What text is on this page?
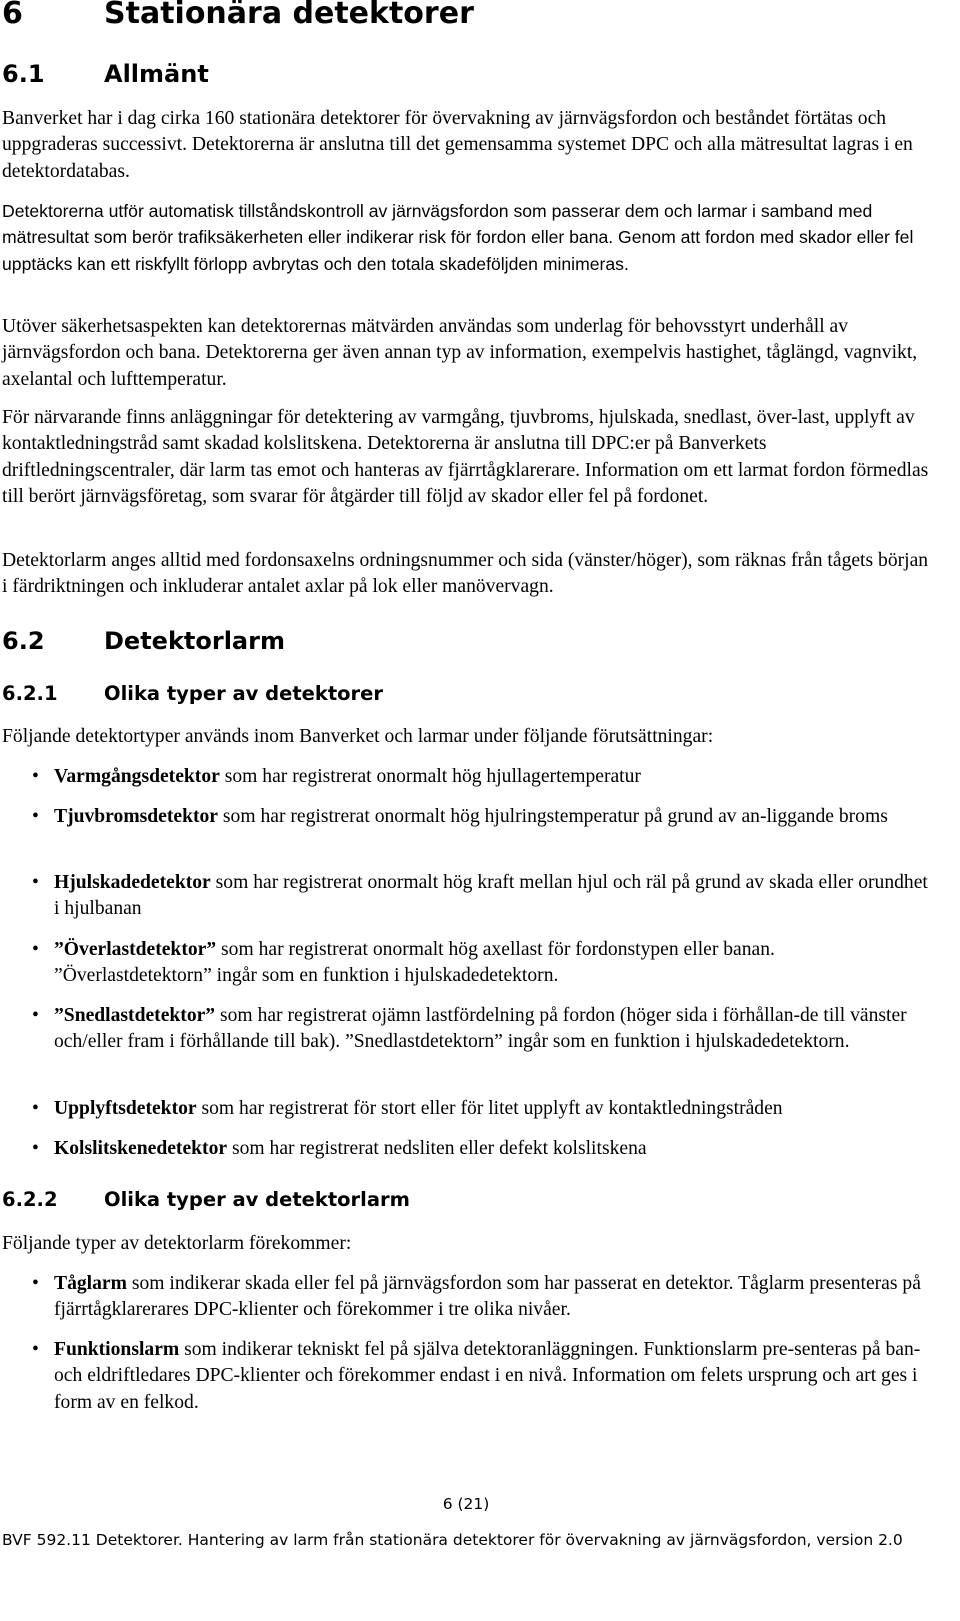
6	Stationära detektorer
6.1 Allmänt

Banverket har i dag cirka 160 stationära detektorer för övervakning av järnvägsfordon och beståndet förtätas och uppgraderas successivt. Detektorerna är anslutna till det gemensamma systemet DPC och alla mätresultat lagras i en detektordatabas.

Detektorerna utför automatisk tillståndskontroll av järnvägsfordon som passerar dem och larmar i samband med mätresultat som berör trafiksäkerheten eller indikerar risk för fordon eller bana. Genom att fordon med skador eller fel upptäcks kan ett riskfyllt förlopp avbrytas och den totala skadeföljden minimeras.

Utöver säkerhetsaspekten kan detektorernas mätvärden användas som underlag för behovsstyrt underhåll av järnvägsfordon och bana. Detektorerna ger även annan typ av information, exempelvis hastighet, tåglängd, vagnvikt, axelantal och lufttemperatur.

För närvarande finns anläggningar för detektering av varmgång, tjuvbroms, hjulskada, snedlast, över-last, upplyft av kontaktledningstråd samt skadad kolslitskena. Detektorerna är anslutna till DPC:er på Banverkets driftledningscentraler, där larm tas emot och hanteras av fjärrtågklarerare. Information om ett larmat fordon förmedlas till berört järnvägsföretag, som svarar för åtgärder till följd av skador eller fel på fordonet.

Detektorlarm anges alltid med fordonsaxelns ordningsnummer och sida (vänster/höger), som räknas från tågets början i färdriktningen och inkluderar antalet axlar på lok eller manövervagn.

6.2 Detektorlarm
6.2.1 Olika typer av detektorer

Följande detektortyper används inom Banverket och larmar under följande förutsättningar:

• Varmgångsdetektor som har registrerat onormalt hög hjullagertemperatur
• Tjuvbromsdetektor som har registrerat onormalt hög hjulringstemperatur på grund av an-liggande broms
• Hjulskadedetektor som har registrerat onormalt hög kraft mellan hjul och räl på grund av skada eller orundhet i hjulbanan
• ”Överlastdetektor” som har registrerat onormalt hög axellast för fordonstypen eller banan. ”Överlastdetektorn” ingår som en funktion i hjulskadedetektorn.
• ”Snedlastdetektor” som har registrerat ojämn lastfördelning på fordon (höger sida i förhållan-de till vänster och/eller fram i förhållande till bak). ”Snedlastdetektorn” ingår som en funktion i hjulskadedetektorn.
• Upplyftsdetektor som har registrerat för stort eller för litet upplyft av kontaktledningstråden
• Kolslitskenedetektor som har registrerat nedsliten eller defekt kolslitskena
6.2.2 Olika typer av detektorlarm

Följande typer av detektorlarm förekommer:

• Tåglarm som indikerar skada eller fel på järnvägsfordon som har passerat en detektor. Tåglarm presenteras på fjärrtågklarerares DPC-klienter och förekommer i tre olika nivåer.
• Funktionslarm som indikerar tekniskt fel på själva detektoranläggningen. Funktionslarm pre-senteras på ban- och eldriftledares DPC-klienter och förekommer endast i en nivå. Information om felets ursprung och art ges i form av en felkod.
6 (21)
BVF 592.11 Detektorer. Hantering av larm från stationära detektorer för övervakning av järnvägsfordon, version 2.0
